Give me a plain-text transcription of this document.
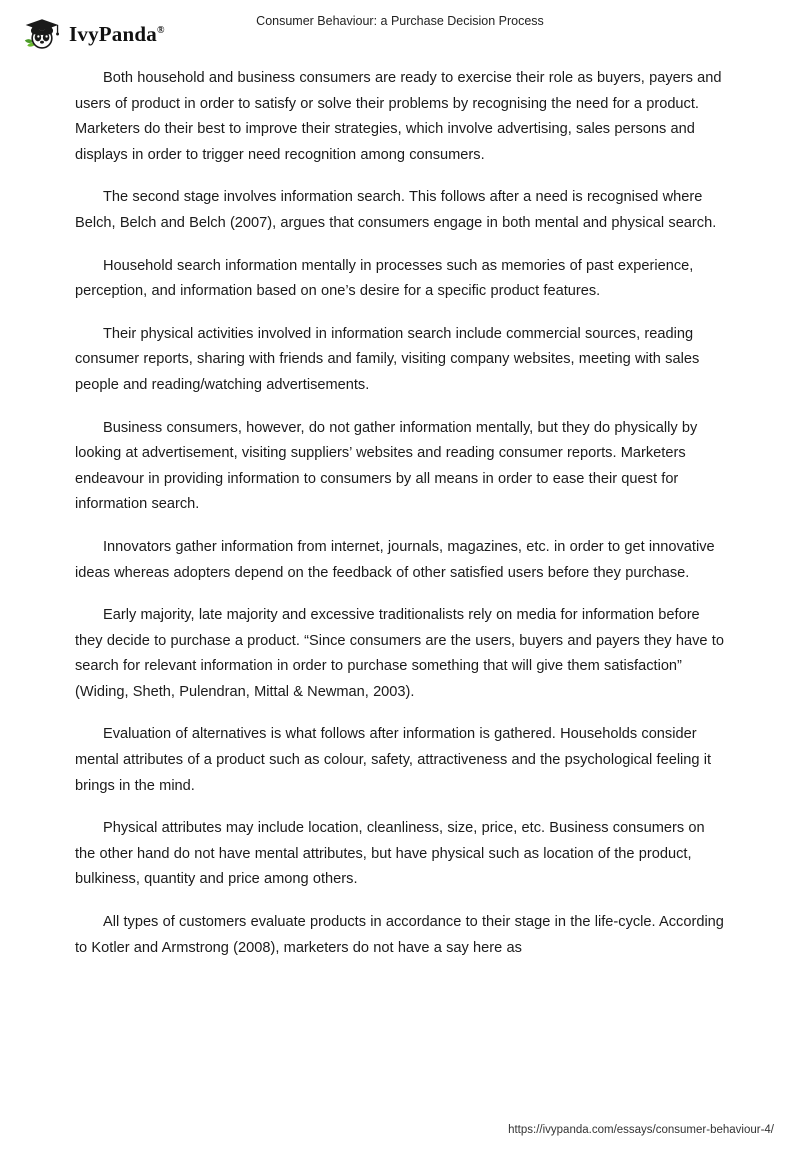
IvyPanda®
Consumer Behaviour: a Purchase Decision Process

Both household and business consumers are ready to exercise their role as buyers, payers and users of product in order to satisfy or solve their problems by recognising the need for a product. Marketers do their best to improve their strategies, which involve advertising, sales persons and displays in order to trigger need recognition among consumers.

The second stage involves information search. This follows after a need is recognised where Belch, Belch and Belch (2007), argues that consumers engage in both mental and physical search.

Household search information mentally in processes such as memories of past experience, perception, and information based on one’s desire for a specific product features.

Their physical activities involved in information search include commercial sources, reading consumer reports, sharing with friends and family, visiting company websites, meeting with sales people and reading/watching advertisements.

Business consumers, however, do not gather information mentally, but they do physically by looking at advertisement, visiting suppliers’ websites and reading consumer reports. Marketers endeavour in providing information to consumers by all means in order to ease their quest for information search.

Innovators gather information from internet, journals, magazines, etc. in order to get innovative ideas whereas adopters depend on the feedback of other satisfied users before they purchase.

Early majority, late majority and excessive traditionalists rely on media for information before they decide to purchase a product. “Since consumers are the users, buyers and payers they have to search for relevant information in order to purchase something that will give them satisfaction” (Widing, Sheth, Pulendran, Mittal & Newman, 2003).

Evaluation of alternatives is what follows after information is gathered. Households consider mental attributes of a product such as colour, safety, attractiveness and the psychological feeling it brings in the mind.

Physical attributes may include location, cleanliness, size, price, etc. Business consumers on the other hand do not have mental attributes, but have physical such as location of the product, bulkiness, quantity and price among others.

All types of customers evaluate products in accordance to their stage in the life-cycle. According to Kotler and Armstrong (2008), marketers do not have a say here as

https://ivypanda.com/essays/consumer-behaviour-4/
